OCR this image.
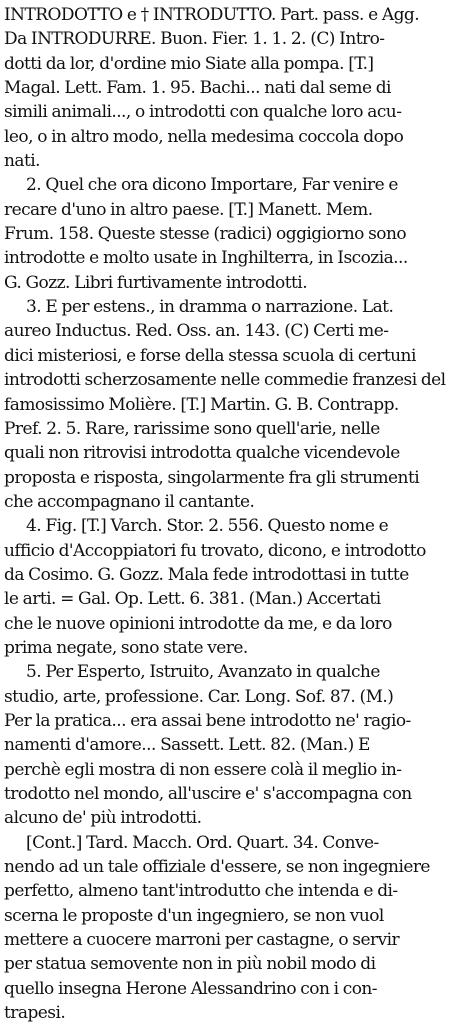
INTRODOTTO e † INTRODUTTO. Part. pass. e Agg.
Da INTRODURRE. Buon. Fier. 1. 1. 2. (C) Intro-
dotti da lor, d'ordine mio Siate alla pompa. [T.]
Magal. Lett. Fam. 1. 95. Bachi... nati dal seme di
simili animali..., o introdotti con qualche loro acu-
leo, o in altro modo, nella medesima coccola dopo
nati.
2. Quel che ora dicono Importare, Far venire e
recare d'uno in altro paese. [T.] Manett. Mem.
Frum. 158. Queste stesse (radici) oggigiorno sono
introdotte e molto usate in Inghilterra, in Iscozia...
G. Gozz. Libri furtivamente introdotti.
3. E per estens., in dramma o narrazione. Lat.
aureo Inductus. Red. Oss. an. 143. (C) Certi me-
dici misteriosi, e forse della stessa scuola di certuni
introdotti scherzosamente nelle commedie franzesi del
famosissimo Molière. [T.] Martin. G. B. Contrapp.
Pref. 2. 5. Rare, rarissime sono quell'arie, nelle
quali non ritrovisi introdotta qualche vicendevole
proposta e risposta, singolarmente fra gli strumenti
che accompagnano il cantante.
4. Fig. [T.] Varch. Stor. 2. 556. Questo nome e
ufficio d'Accoppiatori fu trovato, dicono, e introdotto
da Cosimo. G. Gozz. Mala fede introdottasi in tutte
le arti. = Gal. Op. Lett. 6. 381. (Man.) Accertati
che le nuove opinioni introdotte da me, e da loro
prima negate, sono state vere.
5. Per Esperto, Istruito, Avanzato in qualche
studio, arte, professione. Car. Long. Sof. 87. (M.)
Per la pratica... era assai bene introdotto ne' ragio-
namenti d'amore... Sassett. Lett. 82. (Man.) E
perchè egli mostra di non essere colà il meglio in-
trodotto nel mondo, all'uscire e' s'accompagna con
alcuno de' più introdotti.
[Cont.] Tard. Macch. Ord. Quart. 34. Conve-
nendo ad un tale offiziale d'essere, se non ingegniere
perfetto, almeno tant'introdutto che intenda e di-
scerna le proposte d'un ingegniero, se non vuol
mettere a cuocere marroni per castagne, o servir
per statua semovente non in più nobil modo di
quello insegna Herone Alessandrino con i con-
trapesi.
